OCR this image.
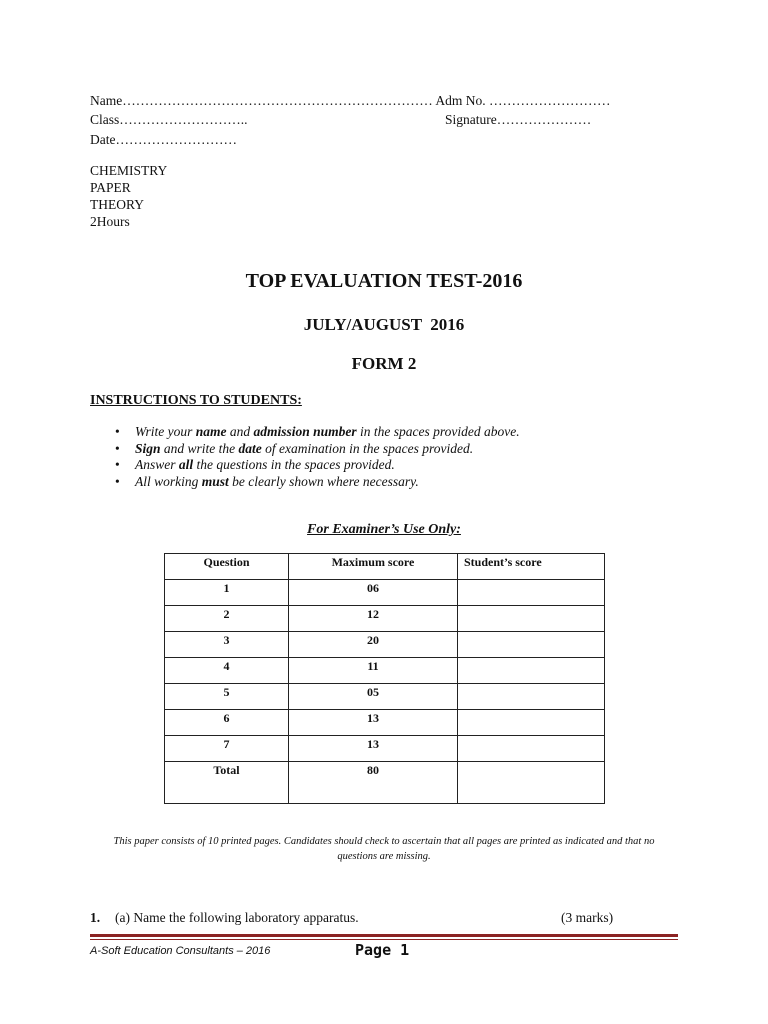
Name…………………………………………………………… Adm No. ………………………
Class………………………..	Signature…………………
Date………………………
CHEMISTRY
PAPER
THEORY
2Hours
TOP EVALUATION TEST-2016
JULY/AUGUST  2016
FORM 2
INSTRUCTIONS TO STUDENTS:
• Write your name and admission number in the spaces provided above.
• Sign and write the date of examination in the spaces provided.
• Answer all the questions in the spaces provided.
• All working must be clearly shown where necessary.
For Examiner’s Use Only:
Question	Maximum score	Student’s score

1	06	

2	12	

3	20	

4	11	

5	05	

6	13	

7	13	

Total	80	

This paper consists of 10 printed pages. Candidates should check to ascertain that all pages are printed as indicated and that no
questions are missing.
1. (a) Name the following laboratory apparatus.	(3 marks)
A-Soft Education Consultants – 2016	Page 1
